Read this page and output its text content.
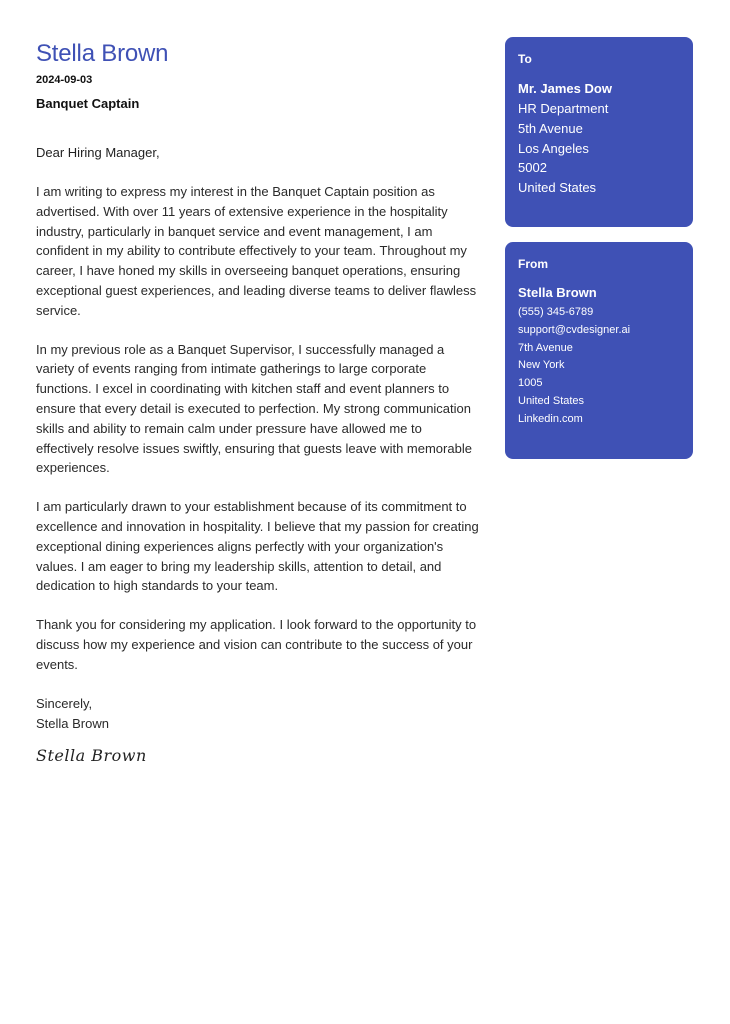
Stella Brown
2024-09-03
Banquet Captain
Dear Hiring Manager,

I am writing to express my interest in the Banquet Captain position as advertised. With over 11 years of extensive experience in the hospitality industry, particularly in banquet service and event management, I am confident in my ability to contribute effectively to your team. Throughout my career, I have honed my skills in overseeing banquet operations, ensuring exceptional guest experiences, and leading diverse teams to deliver flawless service.

In my previous role as a Banquet Supervisor, I successfully managed a variety of events ranging from intimate gatherings to large corporate functions. I excel in coordinating with kitchen staff and event planners to ensure that every detail is executed to perfection. My strong communication skills and ability to remain calm under pressure have allowed me to effectively resolve issues swiftly, ensuring that guests leave with memorable experiences.

I am particularly drawn to your establishment because of its commitment to excellence and innovation in hospitality. I believe that my passion for creating exceptional dining experiences aligns perfectly with your organization's values. I am eager to bring my leadership skills, attention to detail, and dedication to high standards to your team.

Thank you for considering my application. I look forward to the opportunity to discuss how my experience and vision can contribute to the success of your events.

Sincerely,
Stella Brown
Stella Brown
To
Mr. James Dow
HR Department
5th Avenue
Los Angeles
5002
United States
From
Stella Brown
(555) 345-6789
support@cvdesigner.ai
7th Avenue
New York
1005
United States
Linkedin.com
